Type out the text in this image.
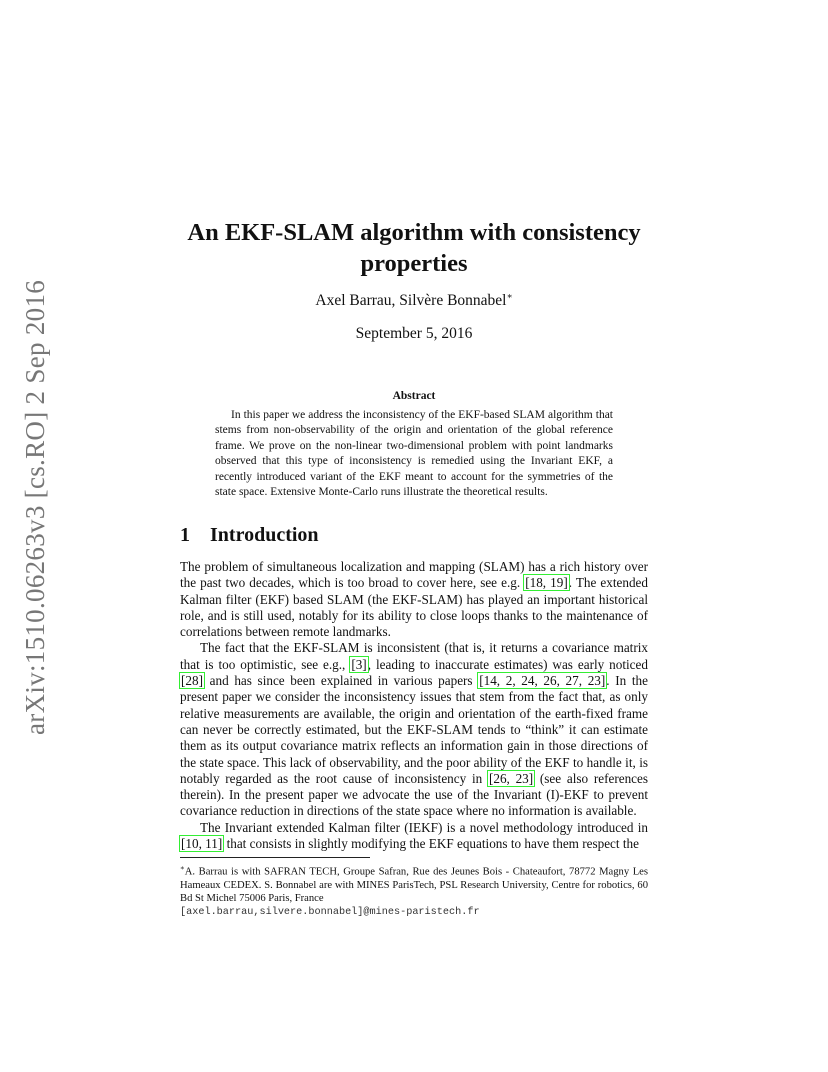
arXiv:1510.06263v3 [cs.RO] 2 Sep 2016
An EKF-SLAM algorithm with consistency properties
Axel Barrau, Silvère Bonnabel∗
September 5, 2016
Abstract
In this paper we address the inconsistency of the EKF-based SLAM algorithm that stems from non-observability of the origin and orientation of the global reference frame. We prove on the non-linear two-dimensional problem with point landmarks observed that this type of inconsistency is remedied using the Invariant EKF, a recently introduced variant of the EKF meant to account for the symmetries of the state space. Extensive Monte-Carlo runs illustrate the theoretical results.
1 Introduction

The problem of simultaneous localization and mapping (SLAM) has a rich history over the past two decades, which is too broad to cover here, see e.g. [18, 19]. The extended Kalman filter (EKF) based SLAM (the EKF-SLAM) has played an important historical role, and is still used, notably for its ability to close loops thanks to the maintenance of correlations between remote landmarks.

The fact that the EKF-SLAM is inconsistent (that is, it returns a covariance matrix that is too optimistic, see e.g., [3], leading to inaccurate estimates) was early noticed [28] and has since been explained in various papers [14, 2, 24, 26, 27, 23]. In the present paper we consider the inconsistency issues that stem from the fact that, as only relative measurements are available, the origin and orientation of the earth-fixed frame can never be correctly estimated, but the EKF-SLAM tends to “think” it can estimate them as its output covariance matrix reflects an information gain in those directions of the state space. This lack of observability, and the poor ability of the EKF to handle it, is notably regarded as the root cause of inconsistency in [26, 23] (see also references therein). In the present paper we advocate the use of the Invariant (I)-EKF to prevent covariance reduction in directions of the state space where no information is available.

The Invariant extended Kalman filter (IEKF) is a novel methodology introduced in [10, 11] that consists in slightly modifying the EKF equations to have them respect the

∗A. Barrau is with SAFRAN TECH, Groupe Safran, Rue des Jeunes Bois - Chateaufort, 78772 Magny Les Hameaux CEDEX. S. Bonnabel are with MINES ParisTech, PSL Research University, Centre for robotics, 60 Bd St Michel 75006 Paris, France
[axel.barrau,silvere.bonnabel]@mines-paristech.fr
